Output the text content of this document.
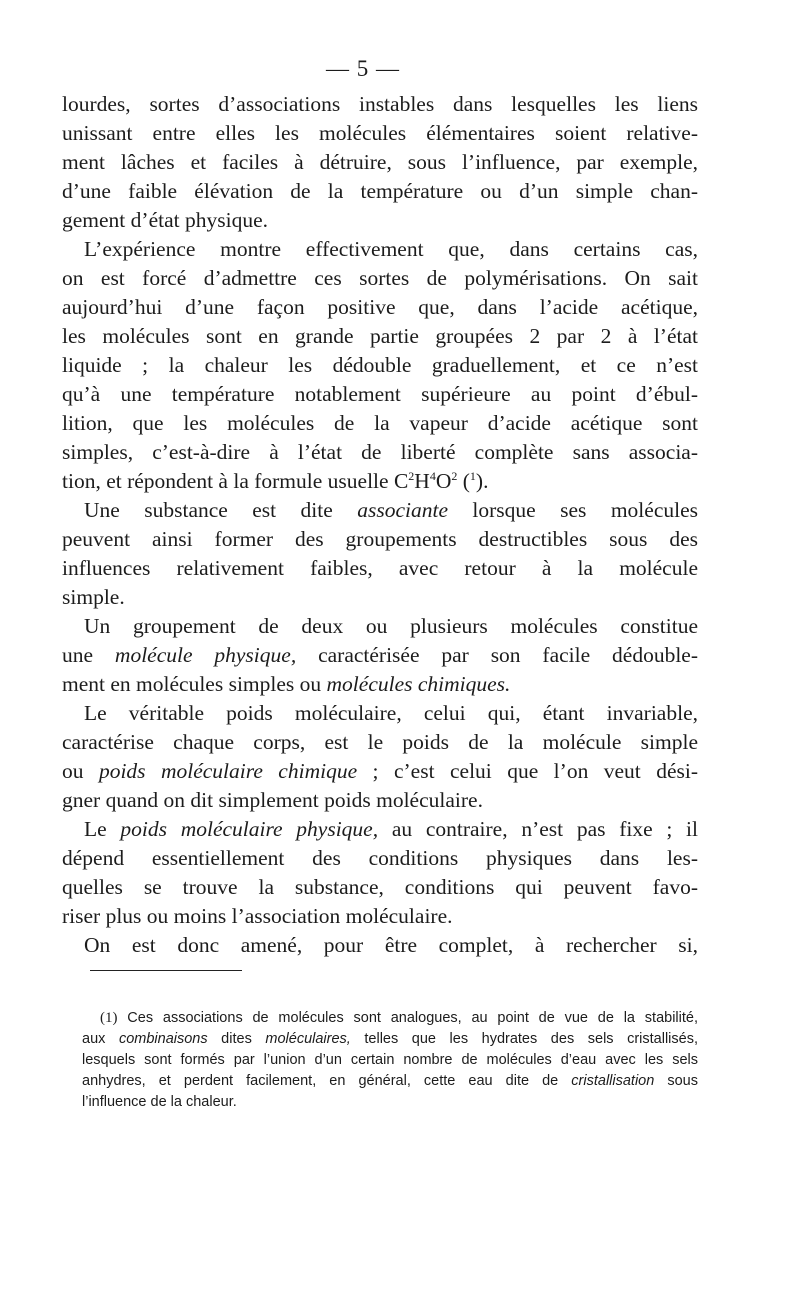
— 5 —
lourdes, sortes d’associations instables dans lesquelles les liens
unissant entre elles les molécules élémentaires soient relative-
ment lâches et faciles à détruire, sous l’influence, par exemple,
d’une faible élévation de la température ou d’un simple chan-
gement d’état physique.
L’expérience montre effectivement que, dans certains cas,
on est forcé d’admettre ces sortes de polymérisations. On sait
aujourd’hui d’une façon positive que, dans l’acide acétique,
les molécules sont en grande partie groupées 2 par 2 à l’état
liquide ; la chaleur les dédouble graduellement, et ce n’est
qu’à une température notablement supérieure au point d’ébul-
lition, que les molécules de la vapeur d’acide acétique sont
simples, c’est-à-dire à l’état de liberté complète sans associa-
tion, et répondent à la formule usuelle $C^2H^4O^2$ ($^1$).
Une substance est dite associante lorsque ses molécules
peuvent ainsi former des groupements destructibles sous des
influences relativement faibles, avec retour à la molécule
simple.
Un groupement de deux ou plusieurs molécules constitue
une molécule physique, caractérisée par son facile dédouble-
ment en molécules simples ou molécules chimiques.
Le véritable poids moléculaire, celui qui, étant invariable,
caractérise chaque corps, est le poids de la molécule simple
ou poids moléculaire chimique ; c’est celui que l’on veut dési-
gner quand on dit simplement poids moléculaire.
Le poids moléculaire physique, au contraire, n’est pas fixe ; il
dépend essentiellement des conditions physiques dans les-
quelles se trouve la substance, conditions qui peuvent favo-
riser plus ou moins l’association moléculaire.
On est donc amené, pour être complet, à rechercher si,
(1) Ces associations de molécules sont analogues, au point de vue de la stabilité,
aux combinaisons dites moléculaires, telles que les hydrates des sels cristallisés,
lesquels sont formés par l’union d’un certain nombre de molécules d’eau avec les sels
anhydres, et perdent facilement, en général, cette eau dite de cristallisation sous
l’influence de la chaleur.
